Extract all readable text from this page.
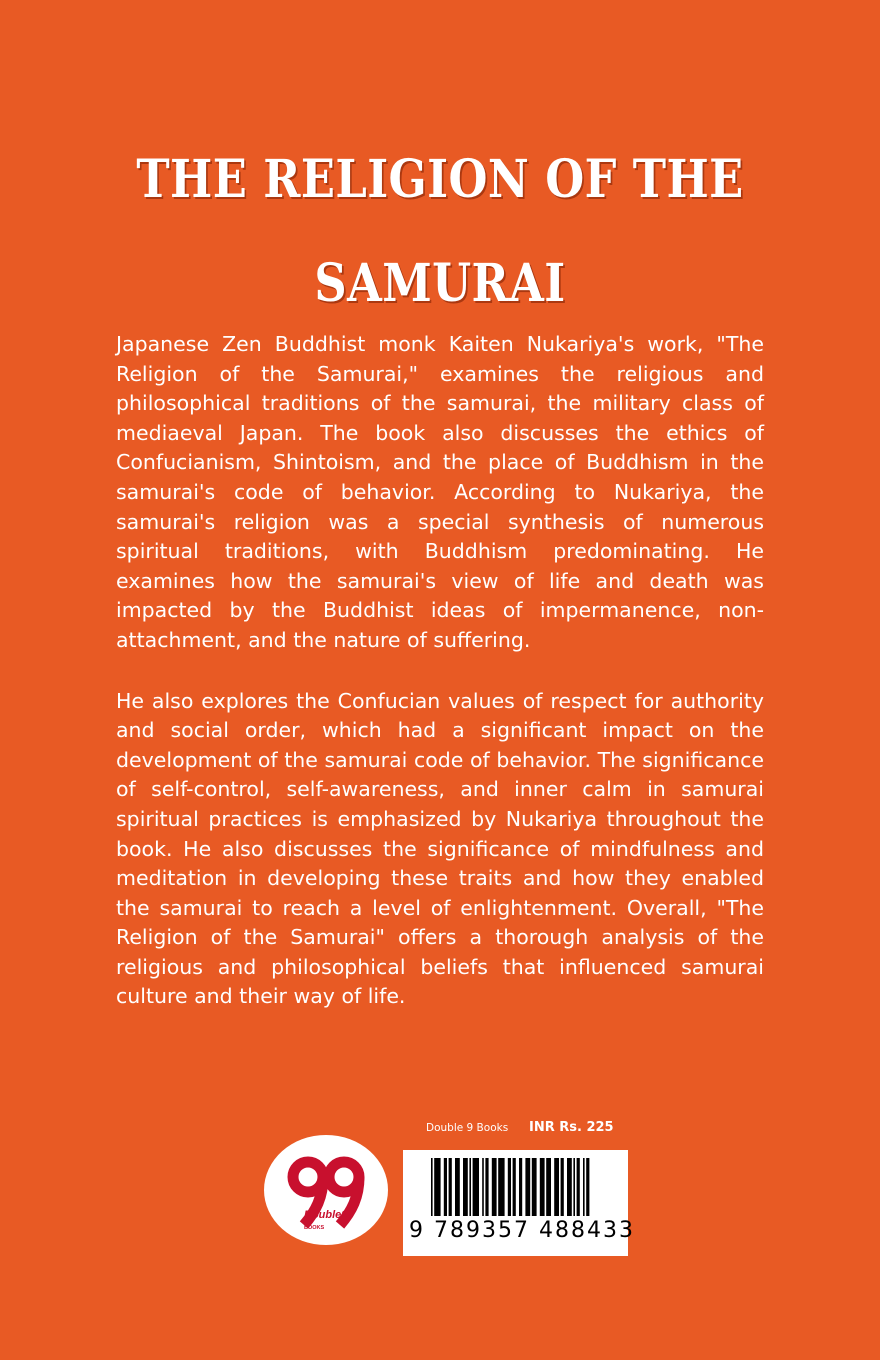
THE RELIGION OF THE
SAMURAI

Japanese Zen Buddhist monk Kaiten Nukariya's work, "The Religion of the Samurai," examines the religious and philosophical traditions of the samurai, the military class of mediaeval Japan. The book also discusses the ethics of Confucianism, Shintoism, and the place of Buddhism in the samurai's code of behavior. According to Nukariya, the samurai's religion was a special synthesis of numerous spiritual traditions, with Buddhism predominating. He examines how the samurai's view of life and death was impacted by the Buddhist ideas of impermanence, non-attachment, and the nature of suffering.

He also explores the Confucian values of respect for authority and social order, which had a significant impact on the development of the samurai code of behavior. The significance of self-control, self-awareness, and inner calm in samurai spiritual practices is emphasized by Nukariya throughout the book. He also discusses the significance of mindfulness and meditation in developing these traits and how they enabled the samurai to reach a level of enlightenment. Overall, "The Religion of the Samurai" offers a thorough analysis of the religious and philosophical beliefs that influenced samurai culture and their way of life.

Double 9 Books INR Rs. 225
Double9
BOOKS	9 789357 488433
